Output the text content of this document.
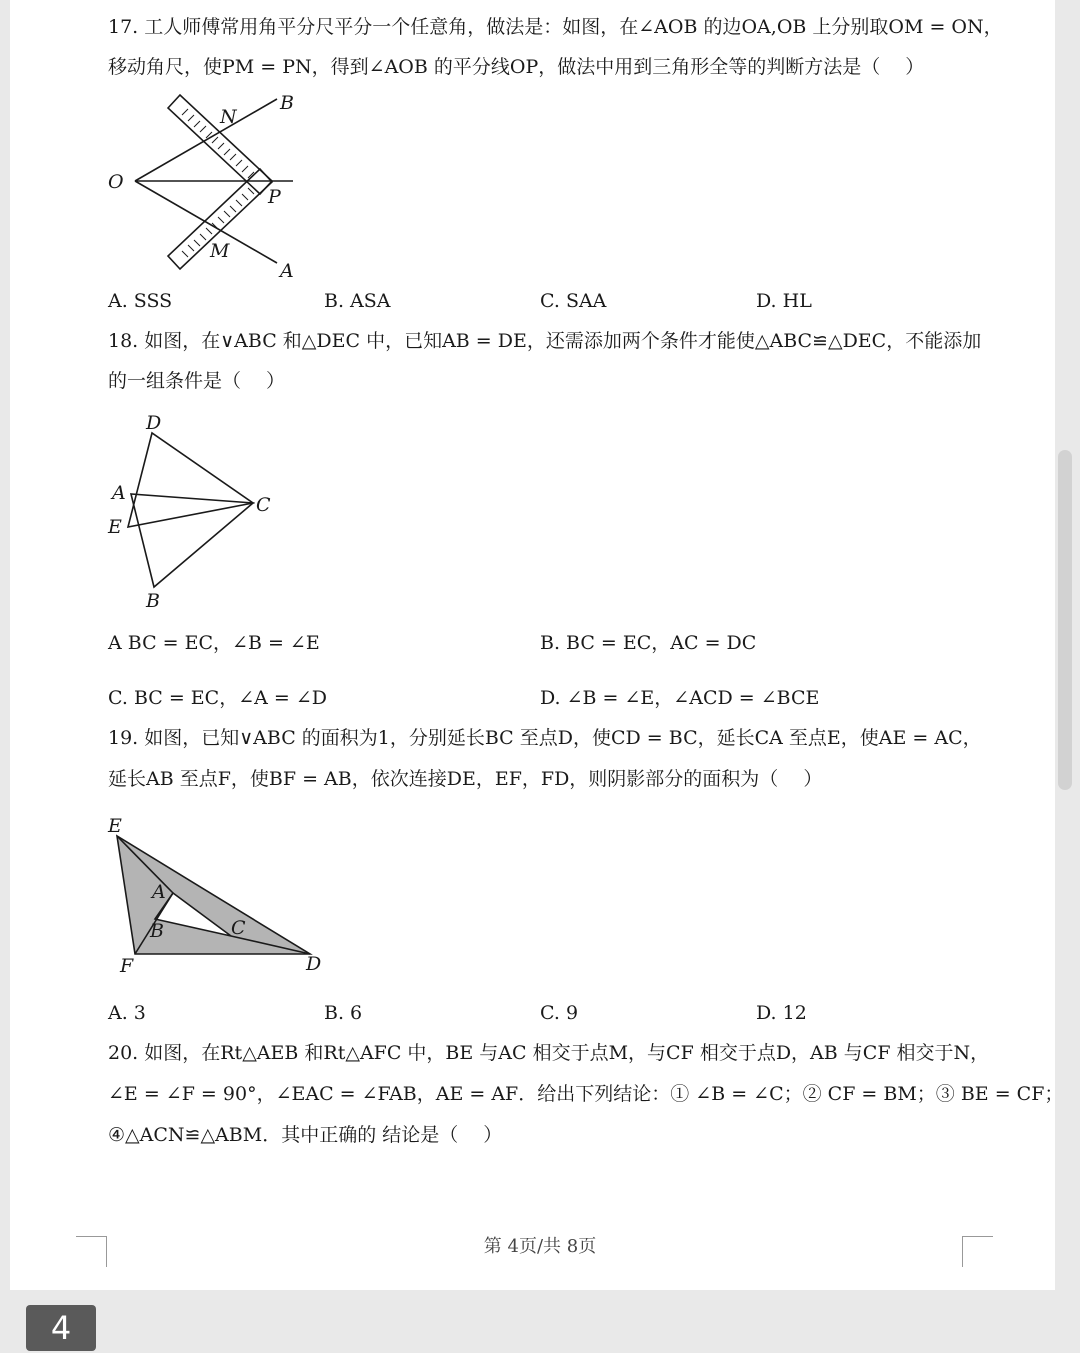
17. 工人师傅常用角平分尺平分一个任意角，做法是：如图，在∠AOB 的边OA,OB 上分别取OM = ON，
移动角尺，使PM = PN，得到∠AOB 的平分线OP，做法中用到三角形全等的判断方法是（　 ）
O
B
A
N
M
P
A. SSS	B. ASA	C. SAA	D. HL
18. 如图，在∨ABC 和△DEC 中，已知AB = DE，还需添加两个条件才能使△ABC≌△DEC，不能添加
的一组条件是（　 ）
D
A
E
C
B
A BC = EC，∠B = ∠E	B. BC = EC，AC = DC
C. BC = EC，∠A = ∠D	D. ∠B = ∠E，∠ACD = ∠BCE
19. 如图，已知∨ABC 的面积为1，分别延长BC 至点D，使CD = BC，延长CA 至点E，使AE = AC，
延长AB 至点F，使BF = AB，依次连接DE，EF，FD，则阴影部分的面积为（　 ）
E
A
B	C
F	D
A. 3	B. 6	C. 9	D. 12
20. 如图，在Rt△AEB 和Rt△AFC 中，BE 与AC 相交于点M，与CF 相交于点D，AB 与CF 相交于N，
∠E = ∠F = 90°，∠EAC = ∠FAB，AE = AF．给出下列结论：① ∠B = ∠C；② CF = BM；③ BE = CF；
④△ACN≌△ABM．其中正确的 结论是（　 ）
第 4页/共 8页
4
